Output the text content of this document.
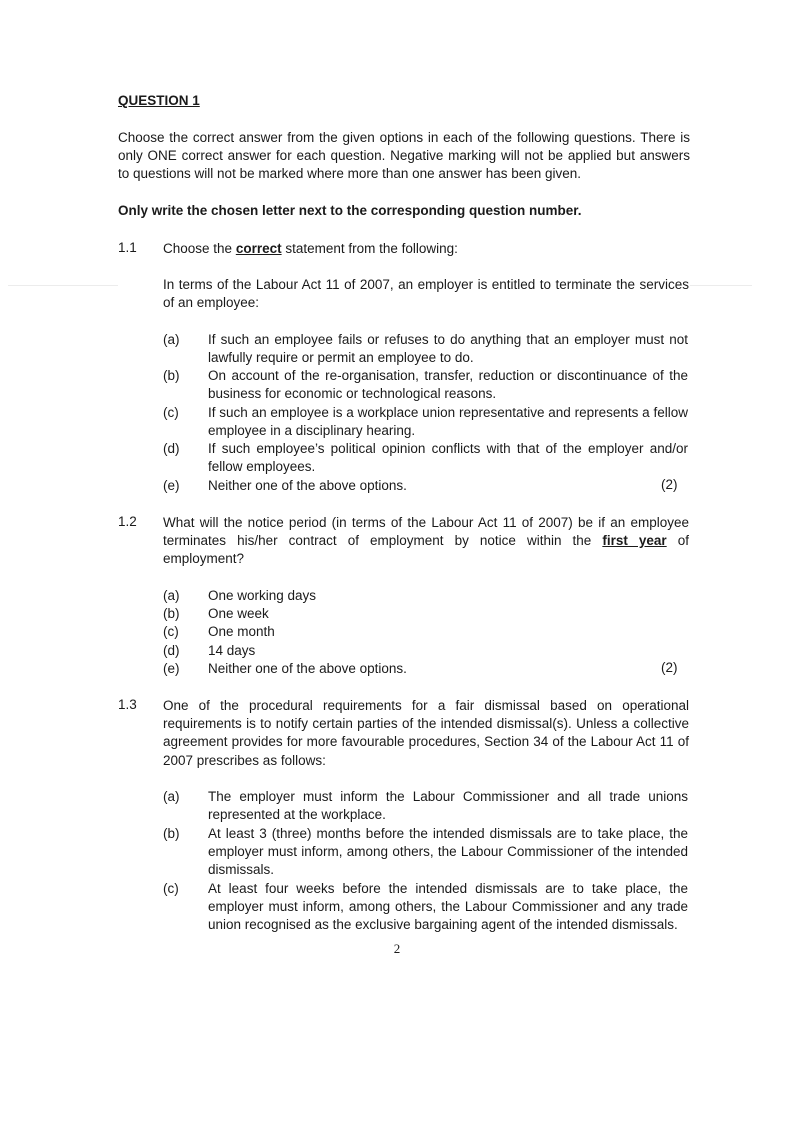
QUESTION 1
Choose the correct answer from the given options in each of the following questions. There is only ONE correct answer for each question. Negative marking will not be applied but answers to questions will not be marked where more than one answer has been given.
Only write the chosen letter next to the corresponding question number.
1.1 Choose the correct statement from the following:
In terms of the Labour Act 11 of 2007, an employer is entitled to terminate the services of an employee:
(a) If such an employee fails or refuses to do anything that an employer must not lawfully require or permit an employee to do.
(b) On account of the re-organisation, transfer, reduction or discontinuance of the business for economic or technological reasons.
(c) If such an employee is a workplace union representative and represents a fellow employee in a disciplinary hearing.
(d) If such employee’s political opinion conflicts with that of the employer and/or fellow employees.
(e) Neither one of the above options.	(2)
1.2 What will the notice period (in terms of the Labour Act 11 of 2007) be if an employee terminates his/her contract of employment by notice within the first year of employment?
(a) One working days
(b) One week
(c) One month
(d) 14 days
(e) Neither one of the above options.	(2)
1.3 One of the procedural requirements for a fair dismissal based on operational requirements is to notify certain parties of the intended dismissal(s). Unless a collective agreement provides for more favourable procedures, Section 34 of the Labour Act 11 of 2007 prescribes as follows:
(a) The employer must inform the Labour Commissioner and all trade unions represented at the workplace.
(b) At least 3 (three) months before the intended dismissals are to take place, the employer must inform, among others, the Labour Commissioner of the intended dismissals.
(c) At least four weeks before the intended dismissals are to take place, the employer must inform, among others, the Labour Commissioner and any trade union recognised as the exclusive bargaining agent of the intended dismissals.
2
